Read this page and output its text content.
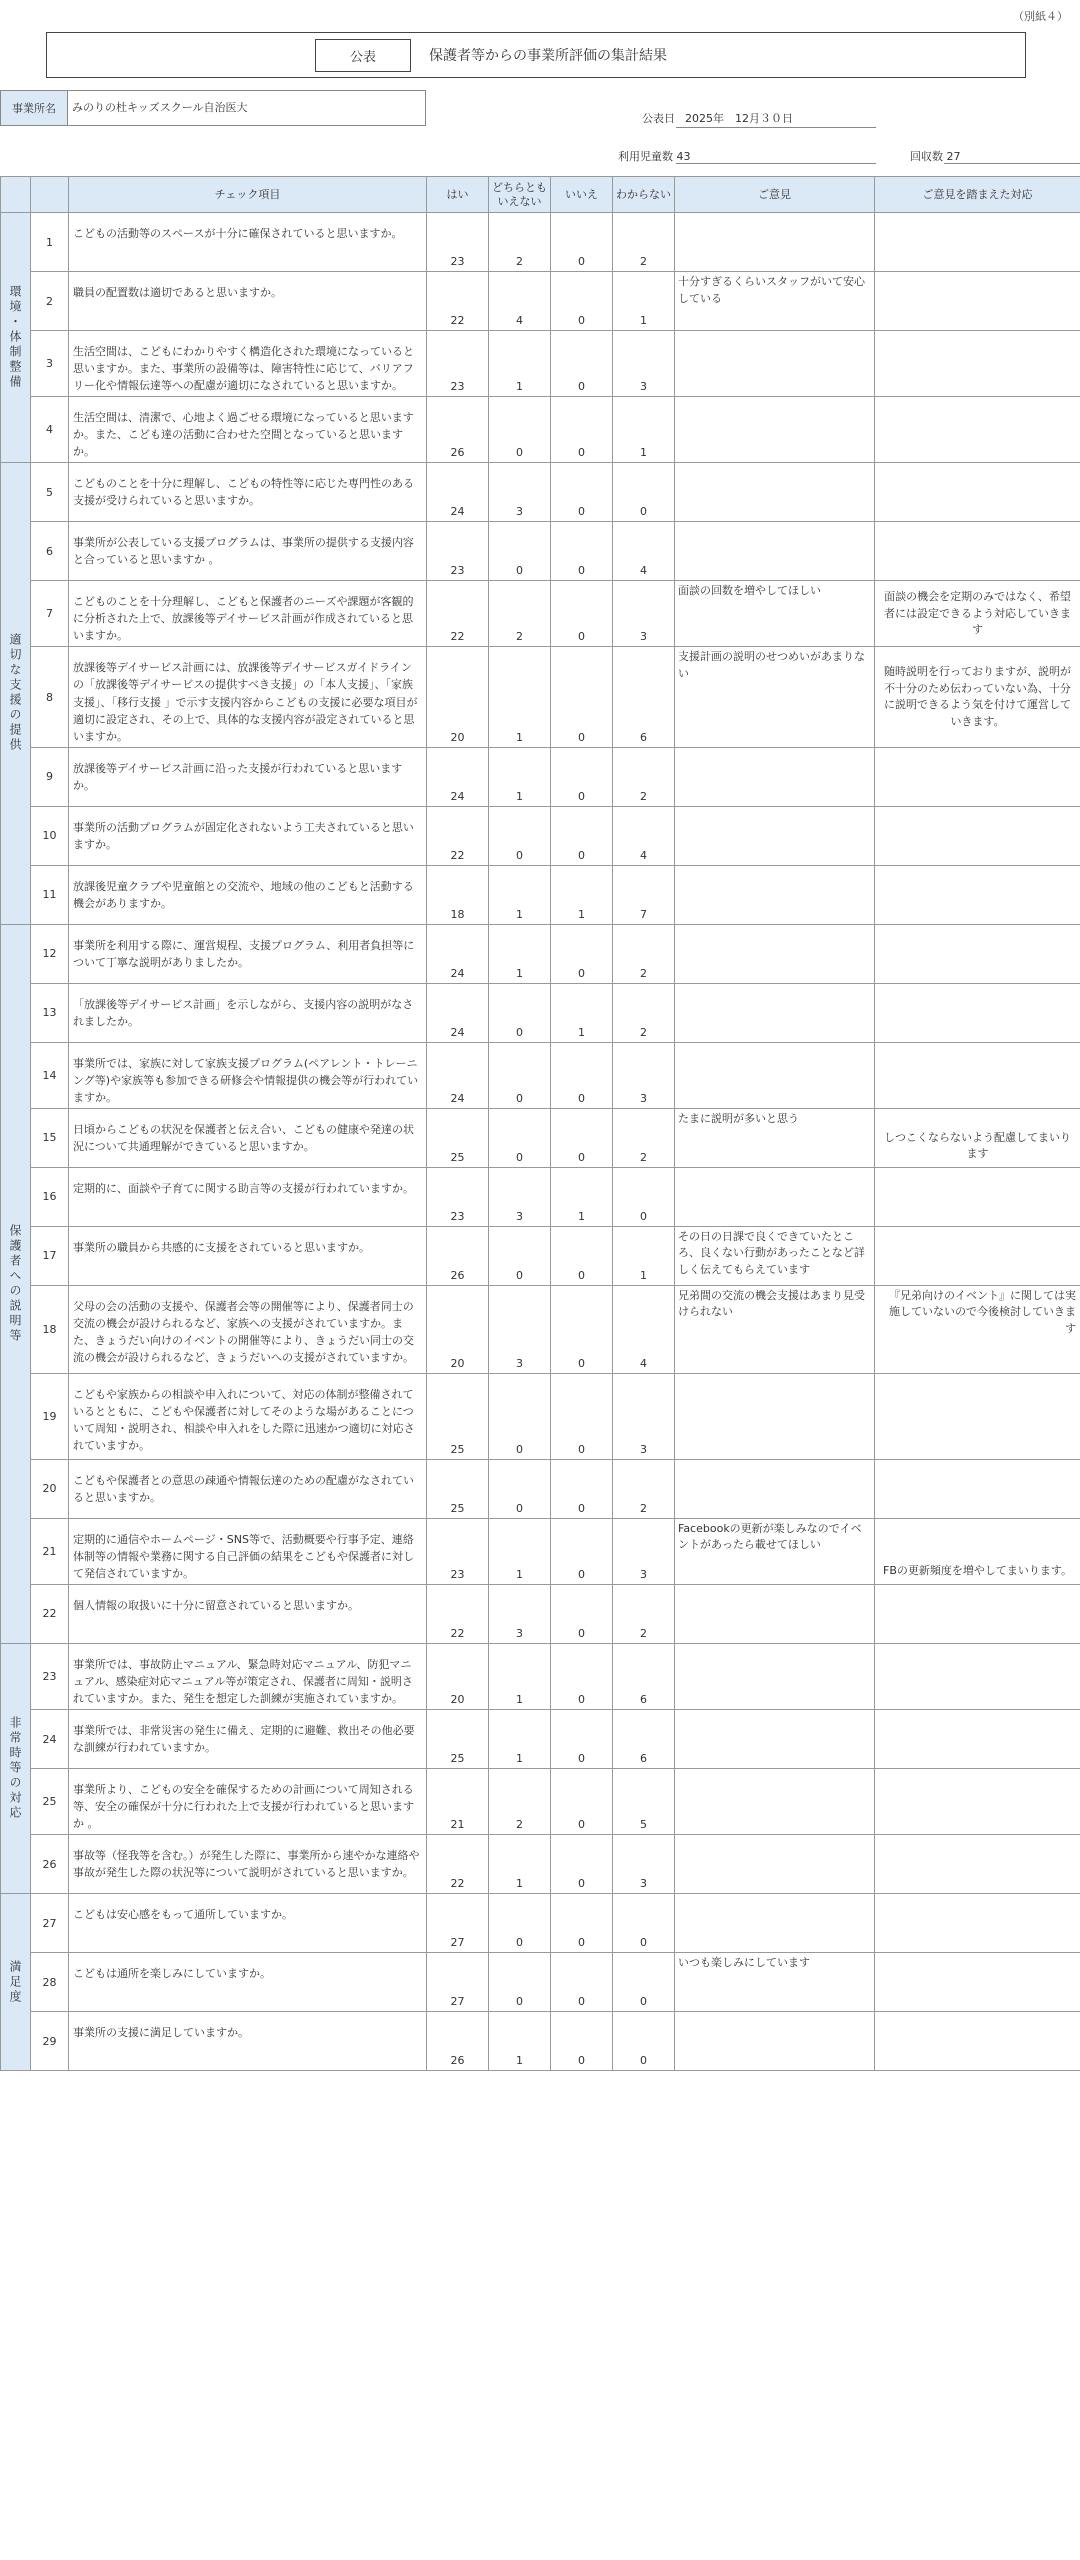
（別紙４）
公表	保護者等からの事業所評価の集計結果
事業所名	みのりの杜キッズスクール自治医大
公表日 2025年　12月３０日
利用児童数 43	回収数 27
		チェック項目	はい	どちらとも
いえない	いいえ	わからない	ご意見	ご意見を踏まえた対応
環境・体制整備	1	こどもの活動等のスペースが十分に確保されていると思いますか。	23	2	0	2		
	2	職員の配置数は適切であると思いますか。	22	4	0	1	十分すぎるくらいスタッフがいて安心している	
	3	生活空間は、こどもにわかりやすく構造化された環境になっていると思いますか。また、事業所の設備等は、障害特性に応じて、バリアフリー化や情報伝達等への配慮が適切になされていると思いますか。	23	1	0	3		
	4	生活空間は、清潔で、心地よく過ごせる環境になっていると思いますか。また、こども達の活動に合わせた空間となっていると思いますか。	26	0	0	1		
適切な支援の提供	5	こどものことを十分に理解し、こどもの特性等に応じた専門性のある支援が受けられていると思いますか。	24	3	0	0		
	6	事業所が公表している支援プログラムは、事業所の提供する支援内容と合っていると思いますか 。	23	0	0	4		
	7	こどものことを十分理解し、こどもと保護者のニーズや課題が客観的に分析された上で、放課後等デイサービス計画が作成されていると思いますか。	22	2	0	3	面談の回数を増やしてほしい	面談の機会を定期のみではなく、希望者には設定できるよう対応していきます
	8	放課後等デイサービス計画には、放課後等デイサービスガイドラインの「放課後等デイサービスの提供すべき支援」の「本人支援」、「家族支援」、「移行支援 」で示す支援内容からこどもの支援に必要な項目が適切に設定され、その上で、具体的な支援内容が設定されていると思いますか。	20	1	0	6	支援計画の説明のせつめいがあまりない	随時説明を行っておりますが、説明が不十分のため伝わっていない為、十分に説明できるよう気を付けて運営していきます。
	9	放課後等デイサービス計画に沿った支援が行われていると思いますか。	24	1	0	2		
	10	事業所の活動プログラムが固定化されないよう工夫されていると思いますか。	22	0	0	4		
	11	放課後児童クラブや児童館との交流や、地域の他のこどもと活動する機会がありますか。	18	1	1	7		
保護者への説明等	12	事業所を利用する際に、運営規程、支援プログラム、利用者負担等について丁寧な説明がありましたか。	24	1	0	2		
	13	「放課後等デイサービス計画」を示しながら、支援内容の説明がなされましたか。	24	0	1	2		
	14	事業所では、家族に対して家族支援プログラム(ペアレント・トレーニング等)や家族等も参加できる研修会や情報提供の機会等が行われていますか。	24	0	0	3		
	15	日頃からこどもの状況を保護者と伝え合い、こどもの健康や発達の状況について共通理解ができていると思いますか。	25	0	0	2	たまに説明が多いと思う	しつこくならないよう配慮してまいります
	16	定期的に、面談や子育てに関する助言等の支援が行われていますか。	23	3	1	0		
	17	事業所の職員から共感的に支援をされていると思いますか。	26	0	0	1	その日の日課で良くできていたところ、良くない行動があったことなど詳しく伝えてもらえています	
	18	父母の会の活動の支援や、保護者会等の開催等により、保護者同士の交流の機会が設けられるなど、家族への支援がされていますか。また、きょうだい向けのイベントの開催等により、きょうだい同士の交流の機会が設けられるなど、きょうだいへの支援がされていますか。	20	3	0	4	兄弟間の交流の機会支援はあまり見受けられない	『兄弟向けのイベント』に関しては実施していないので今後検討していきます
	19	こどもや家族からの相談や申入れについて、対応の体制が整備されているとともに、こどもや保護者に対してそのような場があることについて周知・説明され、相談や申入れをした際に迅速かつ適切に対応されていますか。	25	0	0	3		
	20	こどもや保護者との意思の疎通や情報伝達のための配慮がなされていると思いますか。	25	0	0	2		
	21	定期的に通信やホームページ・SNS等で、活動概要や行事予定、連絡体制等の情報や業務に関する自己評価の結果をこどもや保護者に対して発信されていますか。	23	1	0	3	Facebookの更新が楽しみなのでイベントがあったら載せてほしい	FBの更新頻度を増やしてまいります。
	22	個人情報の取扱いに十分に留意されていると思いますか。	22	3	0	2		
非常時等の対応	23	事業所では、事故防止マニュアル、緊急時対応マニュアル、防犯マニュアル、感染症対応マニュアル等が策定され、保護者に周知・説明されていますか。また、発生を想定した訓練が実施されていますか。	20	1	0	6		
	24	事業所では、非常災害の発生に備え、定期的に避難、救出その他必要な訓練が行われていますか。	25	1	0	6		
	25	事業所より、こどもの安全を確保するための計画について周知される等、安全の確保が十分に行われた上で支援が行われていると思いますか 。	21	2	0	5		
	26	事故等（怪我等を含む。）が発生した際に、事業所から速やかな連絡や事故が発生した際の状況等について説明がされていると思いますか。	22	1	0	3		
満足度	27	こどもは安心感をもって通所していますか。	27	0	0	0		
	28	こどもは通所を楽しみにしていますか。	27	0	0	0	いつも楽しみにしています	
	29	事業所の支援に満足していますか。	26	1	0	0		
